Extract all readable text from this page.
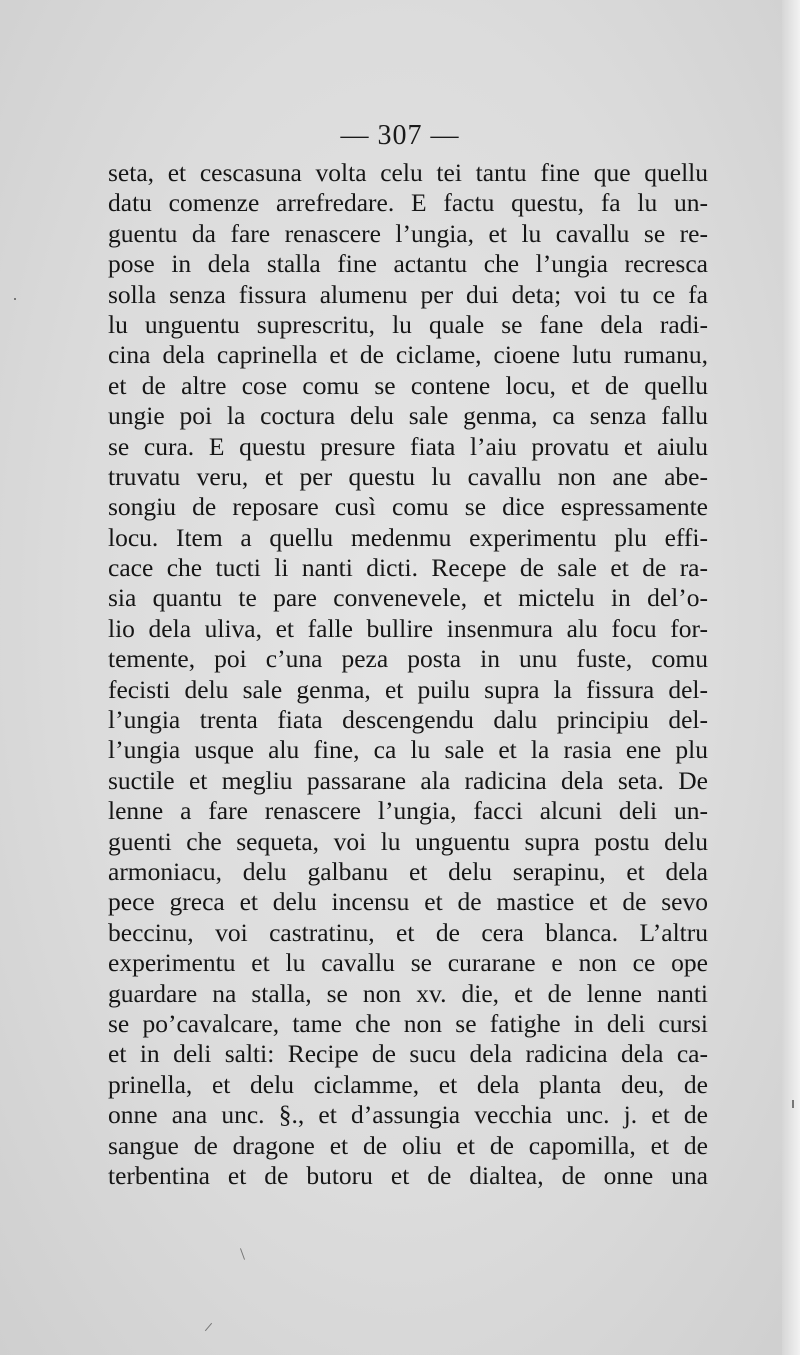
— 307 —
seta, et cescasuna volta celu tei tantu fine que quellu
datu comenze arrefredare. E factu questu, fa lu un-
guentu da fare renascere l’ungia, et lu cavallu se re-
pose in dela stalla fine actantu che l’ungia recresca
solla senza fissura alumenu per dui deta; voi tu ce fa
lu unguentu suprescritu, lu quale se fane dela radi-
cina dela caprinella et de ciclame, cioene lutu rumanu,
et de altre cose comu se contene locu, et de quellu
ungie poi la coctura delu sale genma, ca senza fallu
se cura. E questu presure fiata l’aiu provatu et aiulu
truvatu veru, et per questu lu cavallu non ane abe-
songiu de reposare cusì comu se dice espressamente
locu. Item a quellu medenmu experimentu plu effi-
cace che tucti li nanti dicti. Recepe de sale et de ra-
sia quantu te pare convenevele, et mictelu in del’o-
lio dela uliva, et falle bullire insenmura alu focu for-
temente, poi c’una peza posta in unu fuste, comu
fecisti delu sale genma, et puilu supra la fissura del-
l’ungia trenta fiata descengendu dalu principiu del-
l’ungia usque alu fine, ca lu sale et la rasia ene plu
suctile et megliu passarane ala radicina dela seta. De
lenne a fare renascere l’ungia, facci alcuni deli un-
guenti che sequeta, voi lu unguentu supra postu delu
armoniacu, delu galbanu et delu serapinu, et dela
pece greca et delu incensu et de mastice et de sevo
beccinu, voi castratinu, et de cera blanca. L’altru
experimentu et lu cavallu se curarane e non ce ope
guardare na stalla, se non xv. die, et de lenne nanti
se po’cavalcare, tame che non se fatighe in deli cursi
et in deli salti: Recipe de sucu dela radicina dela ca-
prinella, et delu ciclamme, et dela planta deu, de
onne ana unc. §., et d’assungia vecchia unc. j. et de
sangue de dragone et de oliu et de capomilla, et de
terbentina et de butoru et de dialtea, de onne una
